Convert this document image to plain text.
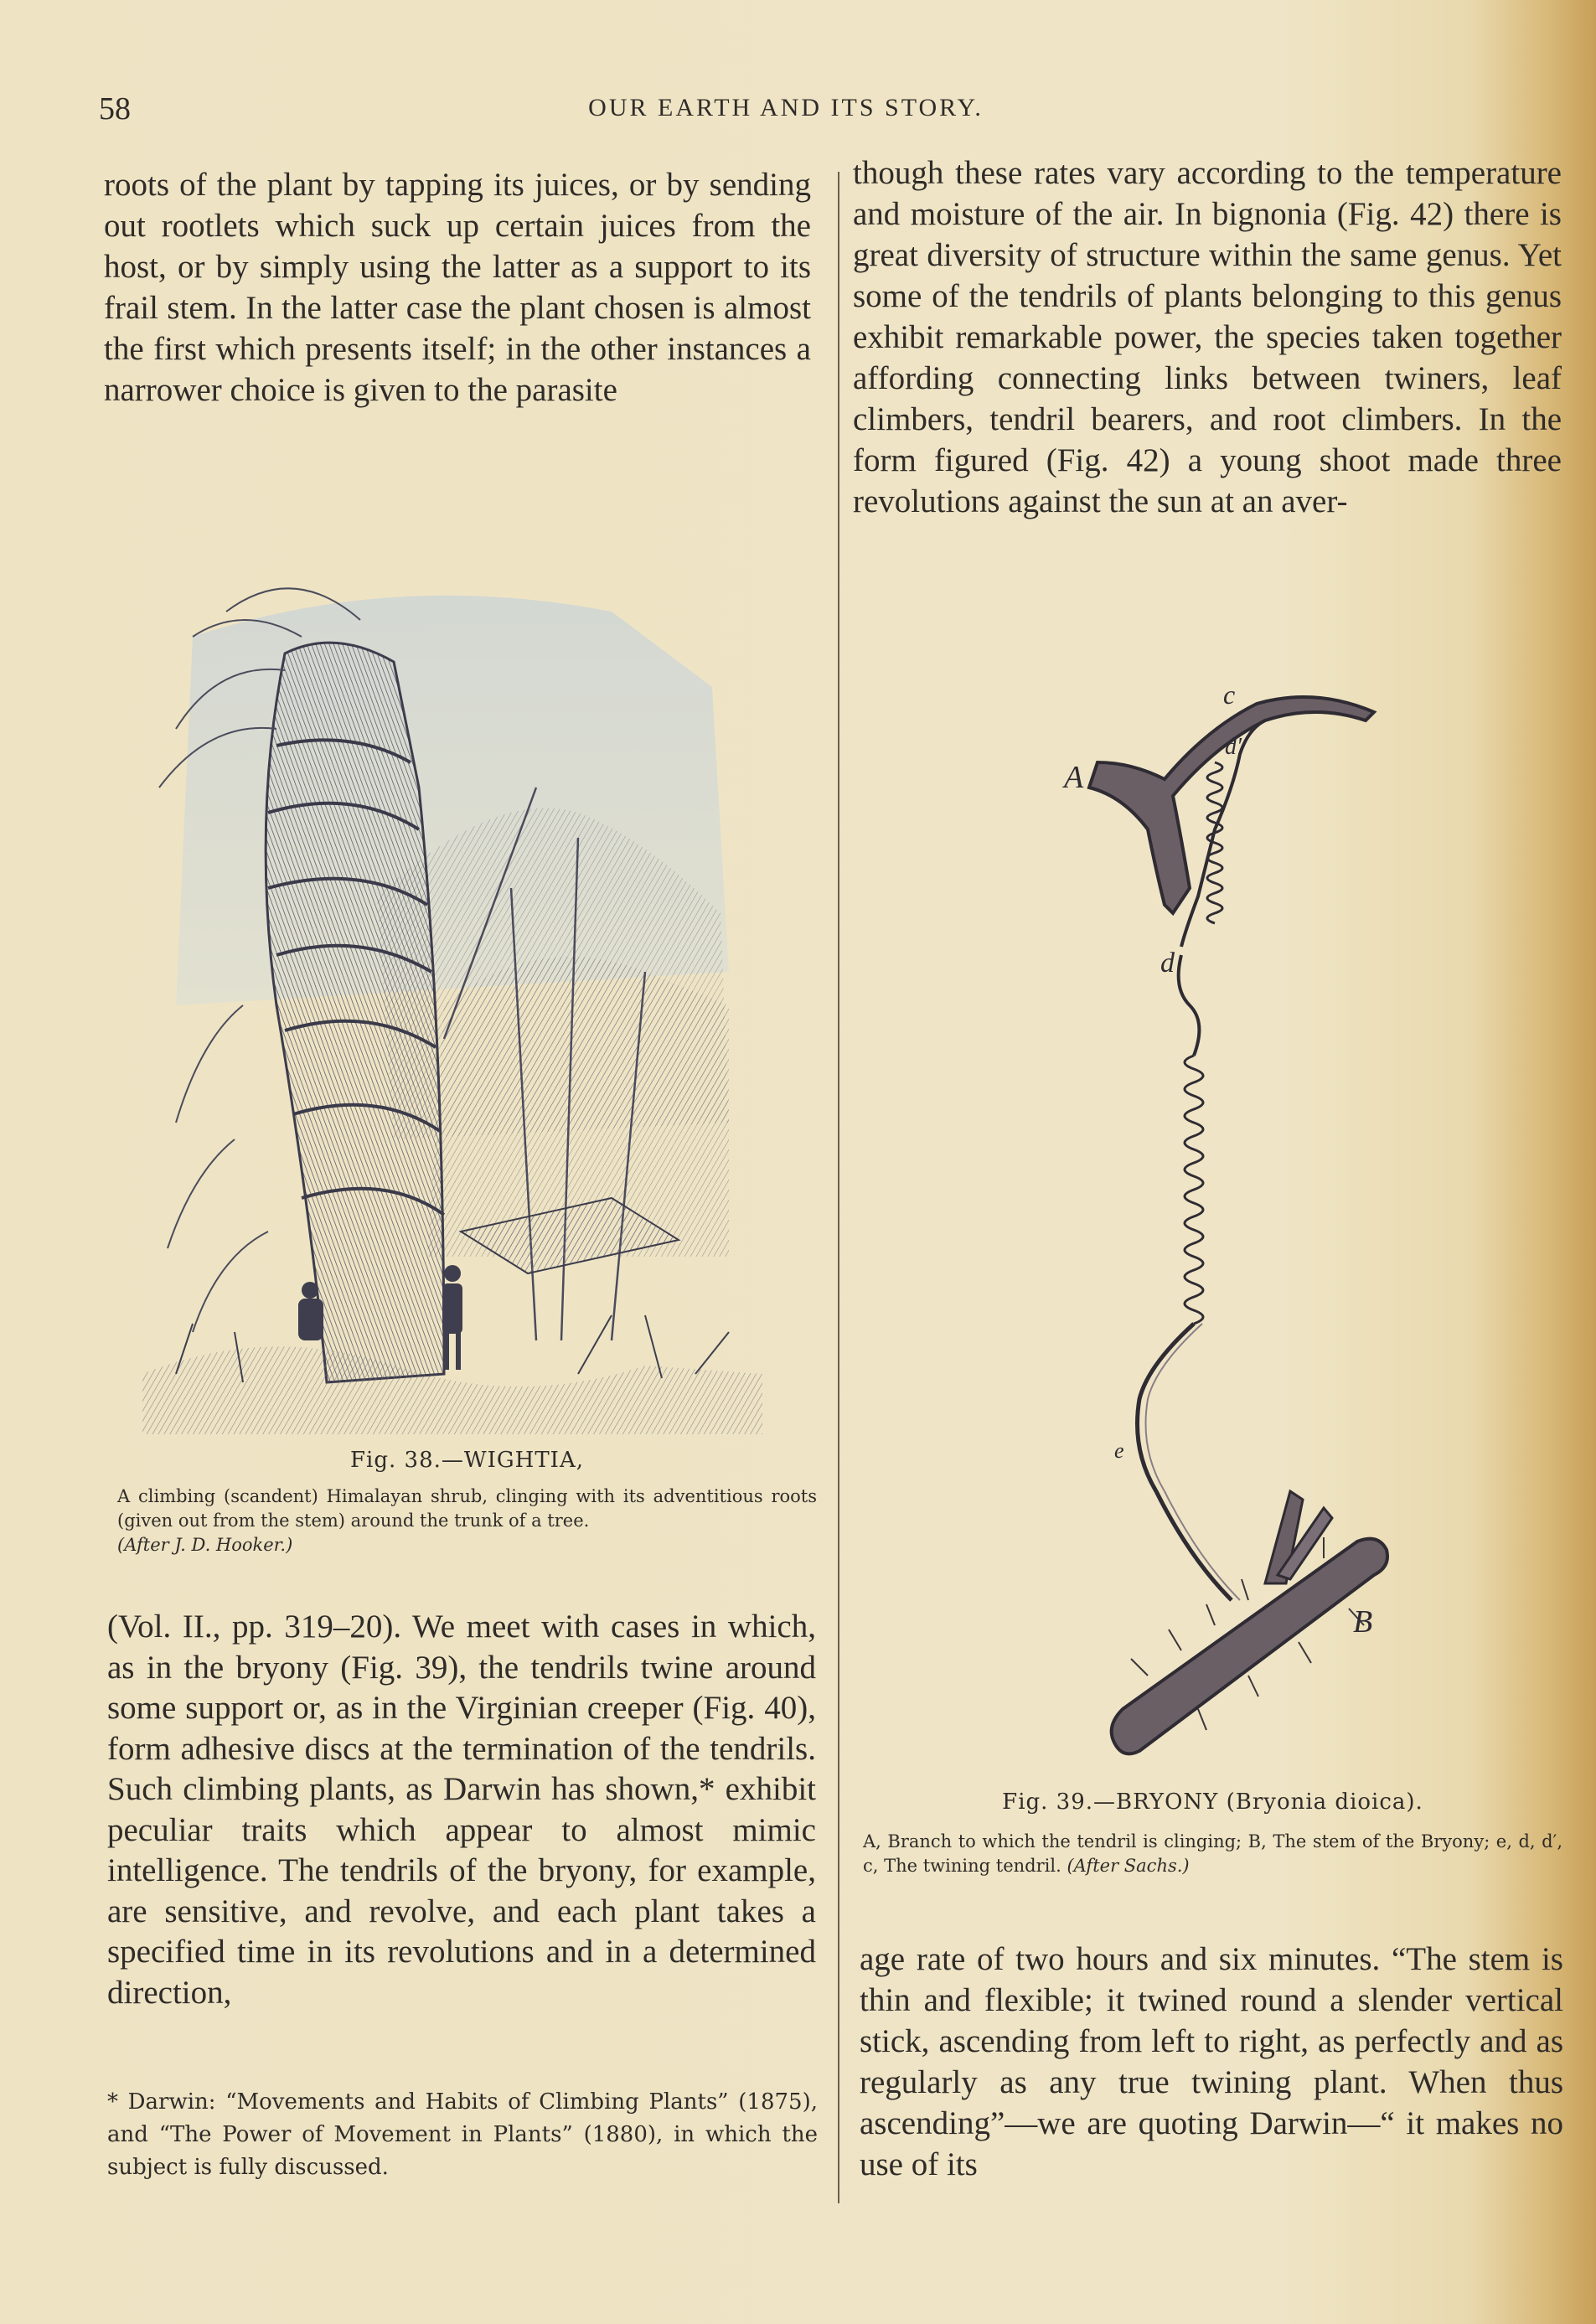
58	OUR EARTH AND ITS STORY.

roots of the plant by tapping its juices, or by sending out rootlets which suck up certain juices from the host, or by simply using the latter as a support to its frail stem. In the latter case the plant chosen is almost the first which presents itself; in the other instances a narrower choice is given to the parasite

Fig. 38.—WIGHTIA,
A climbing (scandent) Himalayan shrub, clinging with its adventitious roots (given out from the stem) around the trunk of a tree.
(After J. D. Hooker.)

(Vol. II., pp. 319–20). We meet with cases in which, as in the bryony (Fig. 39), the tendrils twine around some support or, as in the Virginian creeper (Fig. 40), form adhesive discs at the termination of the tendrils. Such climbing plants, as Darwin has shown,* exhibit peculiar traits which appear to almost mimic intelligence. The tendrils of the bryony, for example, are sensitive, and revolve, and each plant takes a specified time in its revolutions and in a determined direction,

* Darwin: “Movements and Habits of Climbing Plants” (1875), and “The Power of Movement in Plants” (1880), in which the subject is fully discussed.

though these rates vary according to the temperature and moisture of the air. In bignonia (Fig. 42) there is great diversity of structure within the same genus. Yet some of the tendrils of plants belonging to this genus exhibit remarkable power, the species taken together affording connecting links between twiners, leaf climbers, tendril bearers, and root climbers. In the form figured (Fig. 42) a young shoot made three revolutions against the sun at an aver-

A
c
d′
d
e
B
Fig. 39.—BRYONY (Bryonia dioica).
A, Branch to which the tendril is clinging; B, The stem of the Bryony; e, d, d′, c, The twining tendril. (After Sachs.)

age rate of two hours and six minutes. “The stem is thin and flexible; it twined round a slender vertical stick, ascending from left to right, as perfectly and as regularly as any true twining plant. When thus ascending”—we are quoting Darwin—“ it makes no use of its
